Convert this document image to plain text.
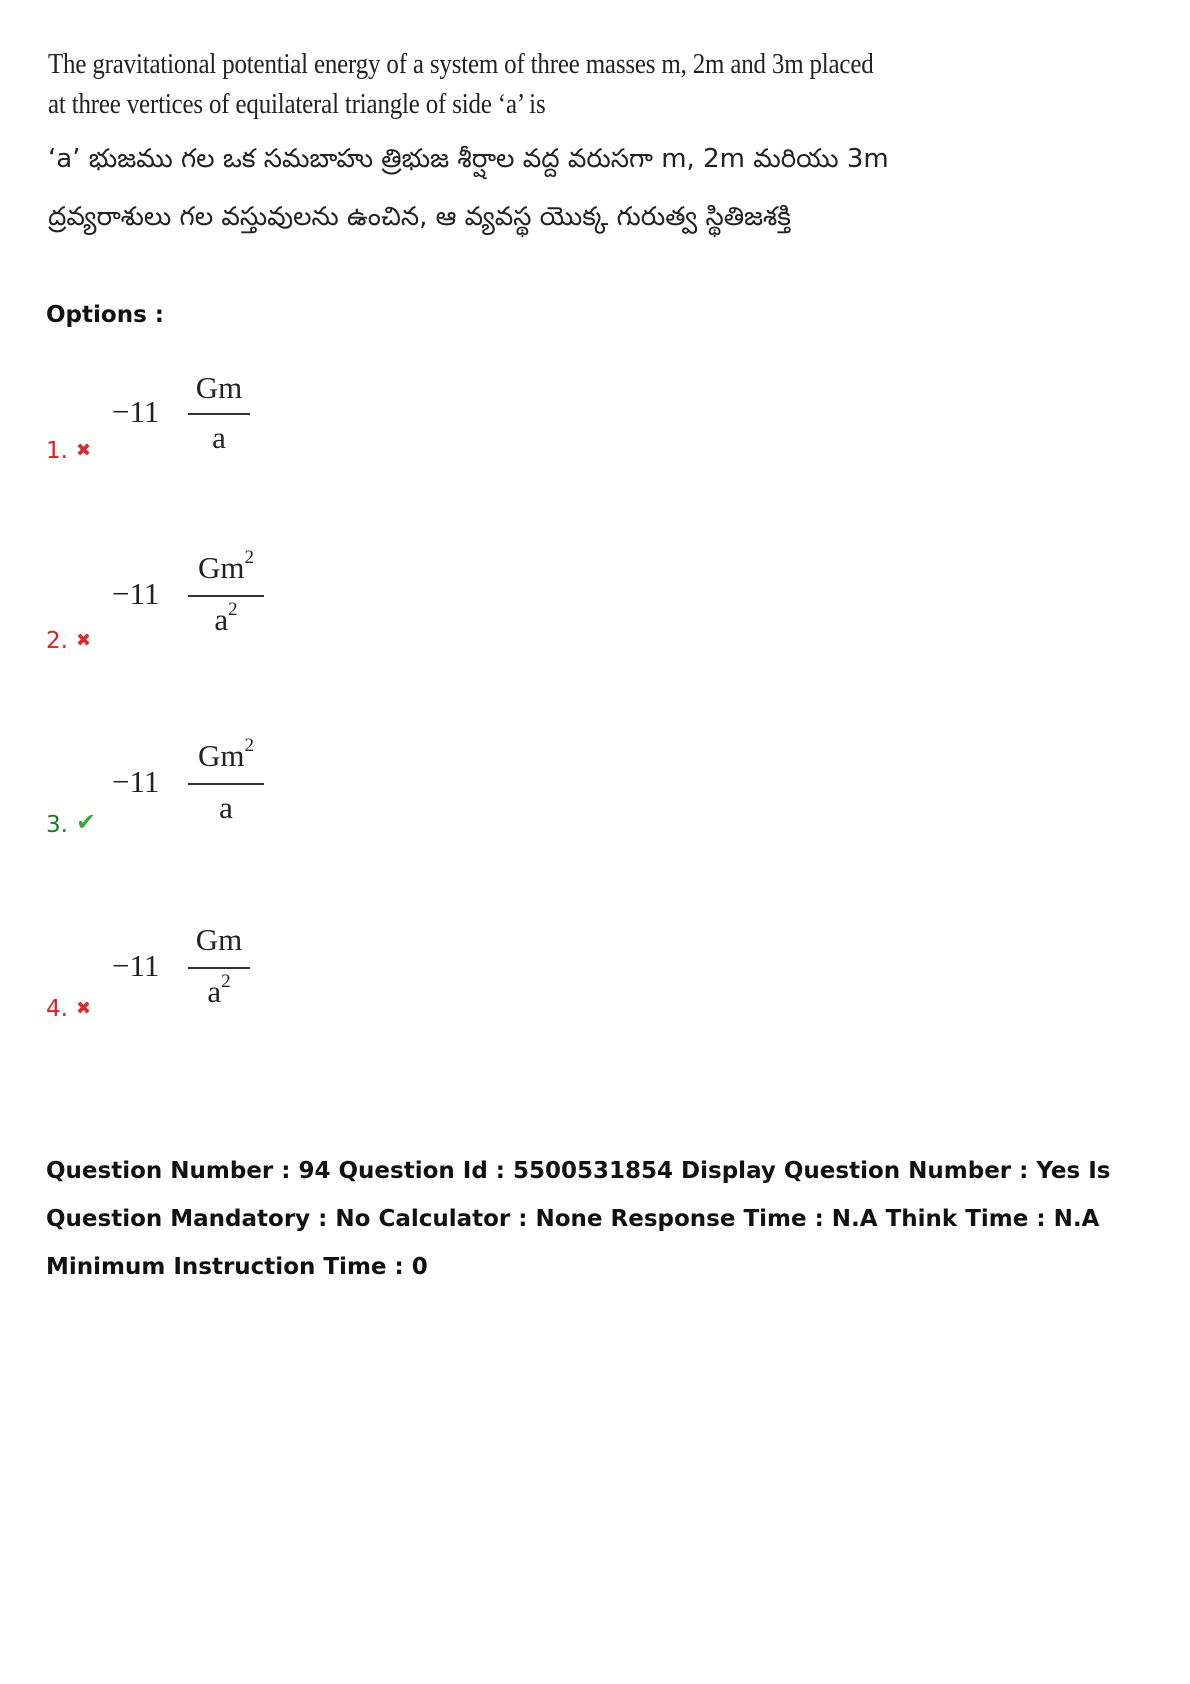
The gravitational potential energy of a system of three masses m, 2m and 3m placed
at three vertices of equilateral triangle of side ‘a’ is
‘a’ భుజము గల ఒక సమబాహు త్రిభుజ శీర్షాల వద్ద వరుసగా m, 2m మరియు 3m
ద్రవ్యరాశులు గల వస్తువులను ఉంచిన, ఆ వ్యవస్థ యొక్క గురుత్వ స్థితిజశక్తి
Options :
1. ✖
−11
Gm
a
2. ✖
−11
Gm$^2$
$a^2$
3. ✔
−11
Gm$^2$
a
4. ✖
−11
Gm
$a^2$
Question Number : 94 Question Id : 5500531854 Display Question Number : Yes Is Question Mandatory : No Calculator : None Response Time : N.A Think Time : N.A Minimum Instruction Time : 0
